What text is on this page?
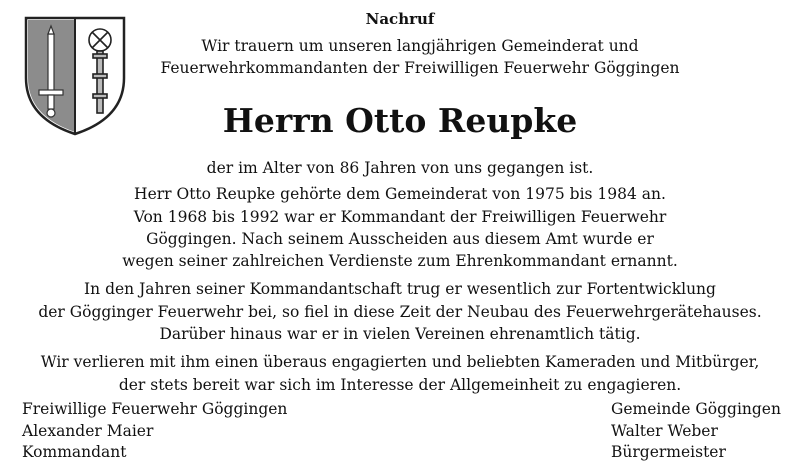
Nachruf
Wir trauern um unseren langjährigen Gemeinderat und
Feuerwehrkommandanten der Freiwilligen Feuerwehr Göggingen
Herrn Otto Reupke

der im Alter von 86 Jahren von uns gegangen ist.

Herr Otto Reupke gehörte dem Gemeinderat von 1975 bis 1984 an.
Von 1968 bis 1992 war er Kommandant der Freiwilligen Feuerwehr
Göggingen. Nach seinem Ausscheiden aus diesem Amt wurde er
wegen seiner zahlreichen Verdienste zum Ehrenkommandant ernannt.

In den Jahren seiner Kommandantschaft trug er wesentlich zur Fortentwicklung
der Gögginger Feuerwehr bei, so fiel in diese Zeit der Neubau des Feuerwehrgerätehauses.
Darüber hinaus war er in vielen Vereinen ehrenamtlich tätig.

Wir verlieren mit ihm einen überaus engagierten und beliebten Kameraden und Mitbürger,
der stets bereit war sich im Interesse der Allgemeinheit zu engagieren.

Freiwillige Feuerwehr Göggingen
Alexander Maier
Kommandant
Gemeinde Göggingen
Walter Weber
Bürgermeister
